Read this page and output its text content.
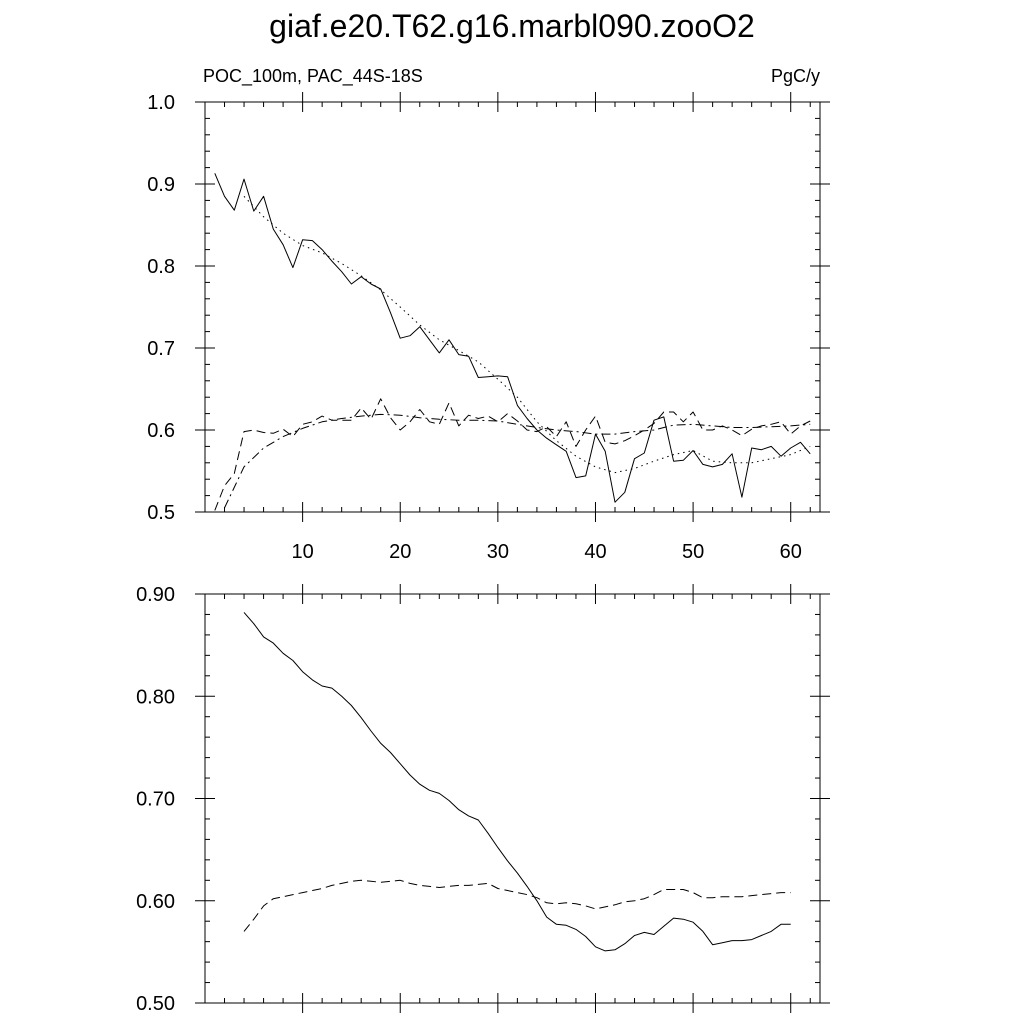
giaf.e20.T62.g16.marbl090.zooO2
10	20	30	40	50	60
0.5
0.6
0.7
0.8
0.9
1.0
POC_100m, PAC_44S-18S	PgC/y
0.50
0.60
0.70
0.80
0.90
